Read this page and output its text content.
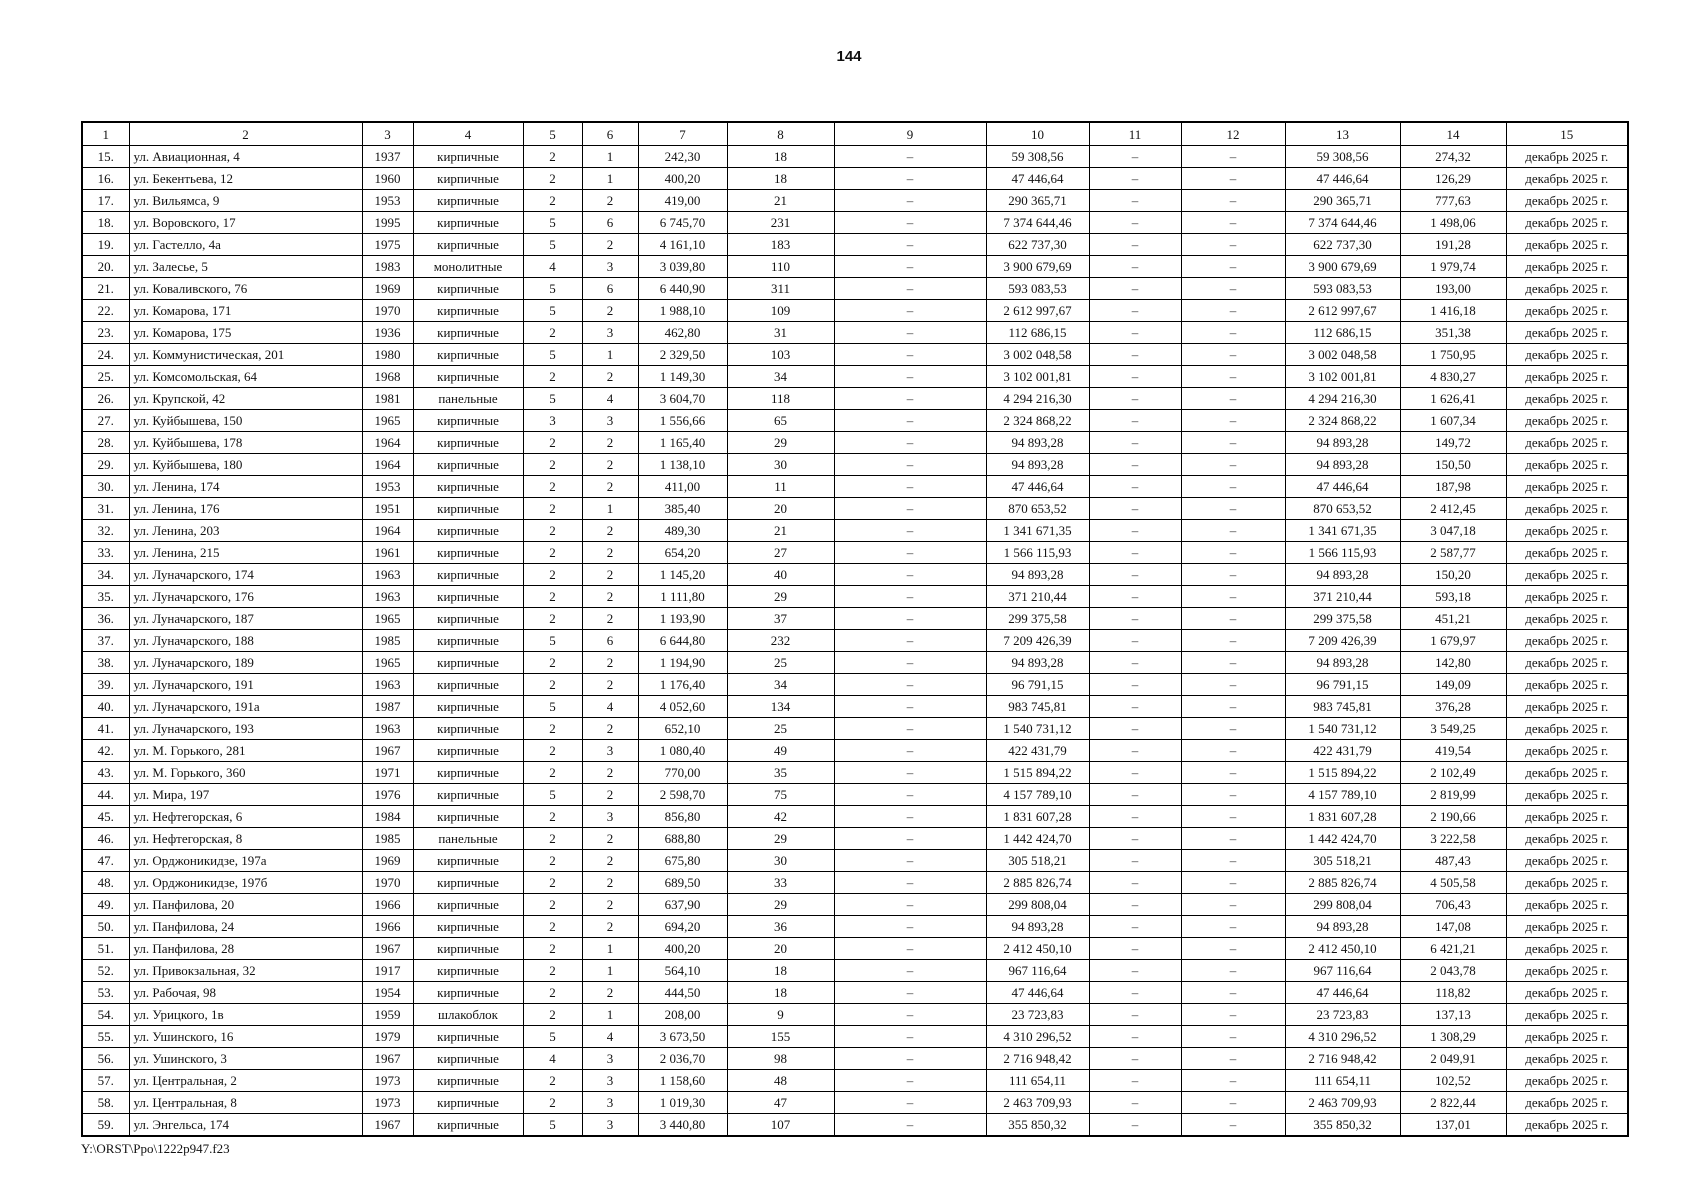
144
1	2	3	4	5	6	7	8	9	10	11	12	13	14	15
15.	ул. Авиационная, 4	1937	кирпичные	2	1	242,30	18	–	59 308,56	–	–	59 308,56	274,32	декабрь 2025 г.
16.	ул. Бекентьева, 12	1960	кирпичные	2	1	400,20	18	–	47 446,64	–	–	47 446,64	126,29	декабрь 2025 г.
17.	ул. Вильямса, 9	1953	кирпичные	2	2	419,00	21	–	290 365,71	–	–	290 365,71	777,63	декабрь 2025 г.
18.	ул. Воровского, 17	1995	кирпичные	5	6	6 745,70	231	–	7 374 644,46	–	–	7 374 644,46	1 498,06	декабрь 2025 г.
19.	ул. Гастелло, 4а	1975	кирпичные	5	2	4 161,10	183	–	622 737,30	–	–	622 737,30	191,28	декабрь 2025 г.
20.	ул. Залесье, 5	1983	монолитные	4	3	3 039,80	110	–	3 900 679,69	–	–	3 900 679,69	1 979,74	декабрь 2025 г.
21.	ул. Коваливского, 76	1969	кирпичные	5	6	6 440,90	311	–	593 083,53	–	–	593 083,53	193,00	декабрь 2025 г.
22.	ул. Комарова, 171	1970	кирпичные	5	2	1 988,10	109	–	2 612 997,67	–	–	2 612 997,67	1 416,18	декабрь 2025 г.
23.	ул. Комарова, 175	1936	кирпичные	2	3	462,80	31	–	112 686,15	–	–	112 686,15	351,38	декабрь 2025 г.
24.	ул. Коммунистическая, 201	1980	кирпичные	5	1	2 329,50	103	–	3 002 048,58	–	–	3 002 048,58	1 750,95	декабрь 2025 г.
25.	ул. Комсомольская, 64	1968	кирпичные	2	2	1 149,30	34	–	3 102 001,81	–	–	3 102 001,81	4 830,27	декабрь 2025 г.
26.	ул. Крупской, 42	1981	панельные	5	4	3 604,70	118	–	4 294 216,30	–	–	4 294 216,30	1 626,41	декабрь 2025 г.
27.	ул. Куйбышева, 150	1965	кирпичные	3	3	1 556,66	65	–	2 324 868,22	–	–	2 324 868,22	1 607,34	декабрь 2025 г.
28.	ул. Куйбышева, 178	1964	кирпичные	2	2	1 165,40	29	–	94 893,28	–	–	94 893,28	149,72	декабрь 2025 г.
29.	ул. Куйбышева, 180	1964	кирпичные	2	2	1 138,10	30	–	94 893,28	–	–	94 893,28	150,50	декабрь 2025 г.
30.	ул. Ленина, 174	1953	кирпичные	2	2	411,00	11	–	47 446,64	–	–	47 446,64	187,98	декабрь 2025 г.
31.	ул. Ленина, 176	1951	кирпичные	2	1	385,40	20	–	870 653,52	–	–	870 653,52	2 412,45	декабрь 2025 г.
32.	ул. Ленина, 203	1964	кирпичные	2	2	489,30	21	–	1 341 671,35	–	–	1 341 671,35	3 047,18	декабрь 2025 г.
33.	ул. Ленина, 215	1961	кирпичные	2	2	654,20	27	–	1 566 115,93	–	–	1 566 115,93	2 587,77	декабрь 2025 г.
34.	ул. Луначарского, 174	1963	кирпичные	2	2	1 145,20	40	–	94 893,28	–	–	94 893,28	150,20	декабрь 2025 г.
35.	ул. Луначарского, 176	1963	кирпичные	2	2	1 111,80	29	–	371 210,44	–	–	371 210,44	593,18	декабрь 2025 г.
36.	ул. Луначарского, 187	1965	кирпичные	2	2	1 193,90	37	–	299 375,58	–	–	299 375,58	451,21	декабрь 2025 г.
37.	ул. Луначарского, 188	1985	кирпичные	5	6	6 644,80	232	–	7 209 426,39	–	–	7 209 426,39	1 679,97	декабрь 2025 г.
38.	ул. Луначарского, 189	1965	кирпичные	2	2	1 194,90	25	–	94 893,28	–	–	94 893,28	142,80	декабрь 2025 г.
39.	ул. Луначарского, 191	1963	кирпичные	2	2	1 176,40	34	–	96 791,15	–	–	96 791,15	149,09	декабрь 2025 г.
40.	ул. Луначарского, 191а	1987	кирпичные	5	4	4 052,60	134	–	983 745,81	–	–	983 745,81	376,28	декабрь 2025 г.
41.	ул. Луначарского, 193	1963	кирпичные	2	2	652,10	25	–	1 540 731,12	–	–	1 540 731,12	3 549,25	декабрь 2025 г.
42.	ул. М. Горького, 281	1967	кирпичные	2	3	1 080,40	49	–	422 431,79	–	–	422 431,79	419,54	декабрь 2025 г.
43.	ул. М. Горького, 360	1971	кирпичные	2	2	770,00	35	–	1 515 894,22	–	–	1 515 894,22	2 102,49	декабрь 2025 г.
44.	ул. Мира, 197	1976	кирпичные	5	2	2 598,70	75	–	4 157 789,10	–	–	4 157 789,10	2 819,99	декабрь 2025 г.
45.	ул. Нефтегорская, 6	1984	кирпичные	2	3	856,80	42	–	1 831 607,28	–	–	1 831 607,28	2 190,66	декабрь 2025 г.
46.	ул. Нефтегорская, 8	1985	панельные	2	2	688,80	29	–	1 442 424,70	–	–	1 442 424,70	3 222,58	декабрь 2025 г.
47.	ул. Орджоникидзе, 197а	1969	кирпичные	2	2	675,80	30	–	305 518,21	–	–	305 518,21	487,43	декабрь 2025 г.
48.	ул. Орджоникидзе, 197б	1970	кирпичные	2	2	689,50	33	–	2 885 826,74	–	–	2 885 826,74	4 505,58	декабрь 2025 г.
49.	ул. Панфилова, 20	1966	кирпичные	2	2	637,90	29	–	299 808,04	–	–	299 808,04	706,43	декабрь 2025 г.
50.	ул. Панфилова, 24	1966	кирпичные	2	2	694,20	36	–	94 893,28	–	–	94 893,28	147,08	декабрь 2025 г.
51.	ул. Панфилова, 28	1967	кирпичные	2	1	400,20	20	–	2 412 450,10	–	–	2 412 450,10	6 421,21	декабрь 2025 г.
52.	ул. Привокзальная, 32	1917	кирпичные	2	1	564,10	18	–	967 116,64	–	–	967 116,64	2 043,78	декабрь 2025 г.
53.	ул. Рабочая, 98	1954	кирпичные	2	2	444,50	18	–	47 446,64	–	–	47 446,64	118,82	декабрь 2025 г.
54.	ул. Урицкого, 1в	1959	шлакоблок	2	1	208,00	9	–	23 723,83	–	–	23 723,83	137,13	декабрь 2025 г.
55.	ул. Ушинского, 16	1979	кирпичные	5	4	3 673,50	155	–	4 310 296,52	–	–	4 310 296,52	1 308,29	декабрь 2025 г.
56.	ул. Ушинского, 3	1967	кирпичные	4	3	2 036,70	98	–	2 716 948,42	–	–	2 716 948,42	2 049,91	декабрь 2025 г.
57.	ул. Центральная, 2	1973	кирпичные	2	3	1 158,60	48	–	111 654,11	–	–	111 654,11	102,52	декабрь 2025 г.
58.	ул. Центральная, 8	1973	кирпичные	2	3	1 019,30	47	–	2 463 709,93	–	–	2 463 709,93	2 822,44	декабрь 2025 г.
59.	ул. Энгельса, 174	1967	кирпичные	5	3	3 440,80	107	–	355 850,32	–	–	355 850,32	137,01	декабрь 2025 г.
Y:\ORST\Ppo\1222p947.f23
